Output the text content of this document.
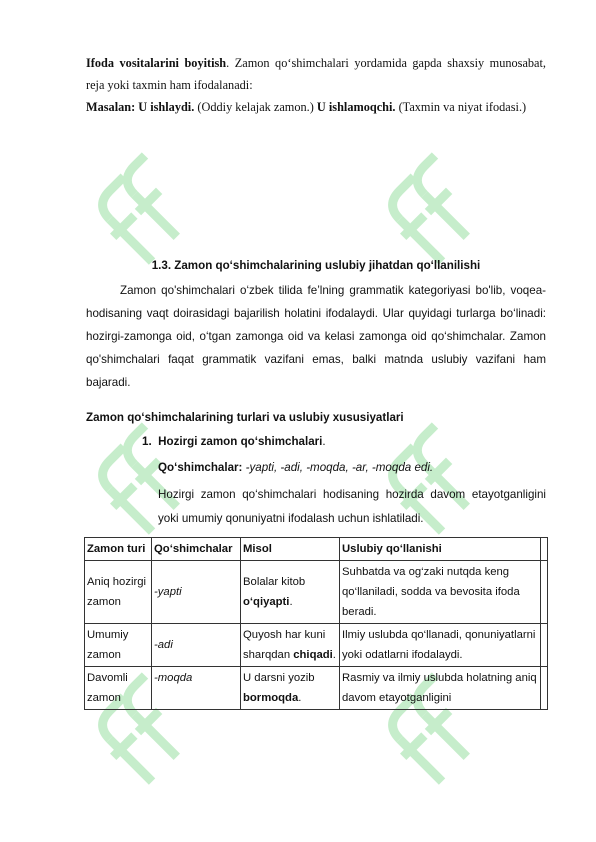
Ifoda vositalarini boyitish. Zamon qo‘shimchalari yordamida gapda shaxsiy munosabat, reja yoki taxmin ham ifodalanadi:
Masalan: U ishlaydi. (Oddiy kelajak zamon.) U ishlamoqchi. (Taxmin va niyat ifodasi.)
1.3. Zamon qo‘shimchalarining uslubiy jihatdan qo‘llanilishi
Zamon qo'shimchalari o‘zbek tilida fe’lning grammatik kategoriyasi bo'lib, voqea-hodisaning vaqt doirasidagi bajarilish holatini ifodalaydi. Ular quyidagi turlarga bo‘linadi: hozirgi-zamonga oid, o‘tgan zamonga oid va kelasi zamonga oid qo‘shimchalar. Zamon qo'shimchalari faqat grammatik vazifani emas, balki matnda uslubiy vazifani ham bajaradi.
Zamon qo‘shimchalarining turlari va uslubiy xususiyatlari
1. Hozirgi zamon qo‘shimchalari.
Qo‘shimchalar: -yapti, -adi, -moqda, -ar, -moqda edi.
Hozirgi zamon qo‘shimchalari hodisaning hozirda davom etayotganligini yoki umumiy qonuniyatni ifodalash uchun ishlatiladi.
Zamon turi	Qo‘shimchalar	Misol	Uslubiy qo‘llanishi	
Aniq hozirgi zamon	-yapti	Bolalar kitob o‘qiyapti.	Suhbatda va og‘zaki nutqda keng qo‘llaniladi, sodda va bevosita ifoda beradi.	
Umumiy zamon	-adi	Quyosh har kuni sharqdan chiqadi.	Ilmiy uslubda qo‘llanadi, qonuniyatlarni yoki odatlarni ifodalaydi.	
Davomli zamon	-moqda	U darsni yozib bormoqda.	Rasmiy va ilmiy uslubda holatning aniq davom etayotganligini	
